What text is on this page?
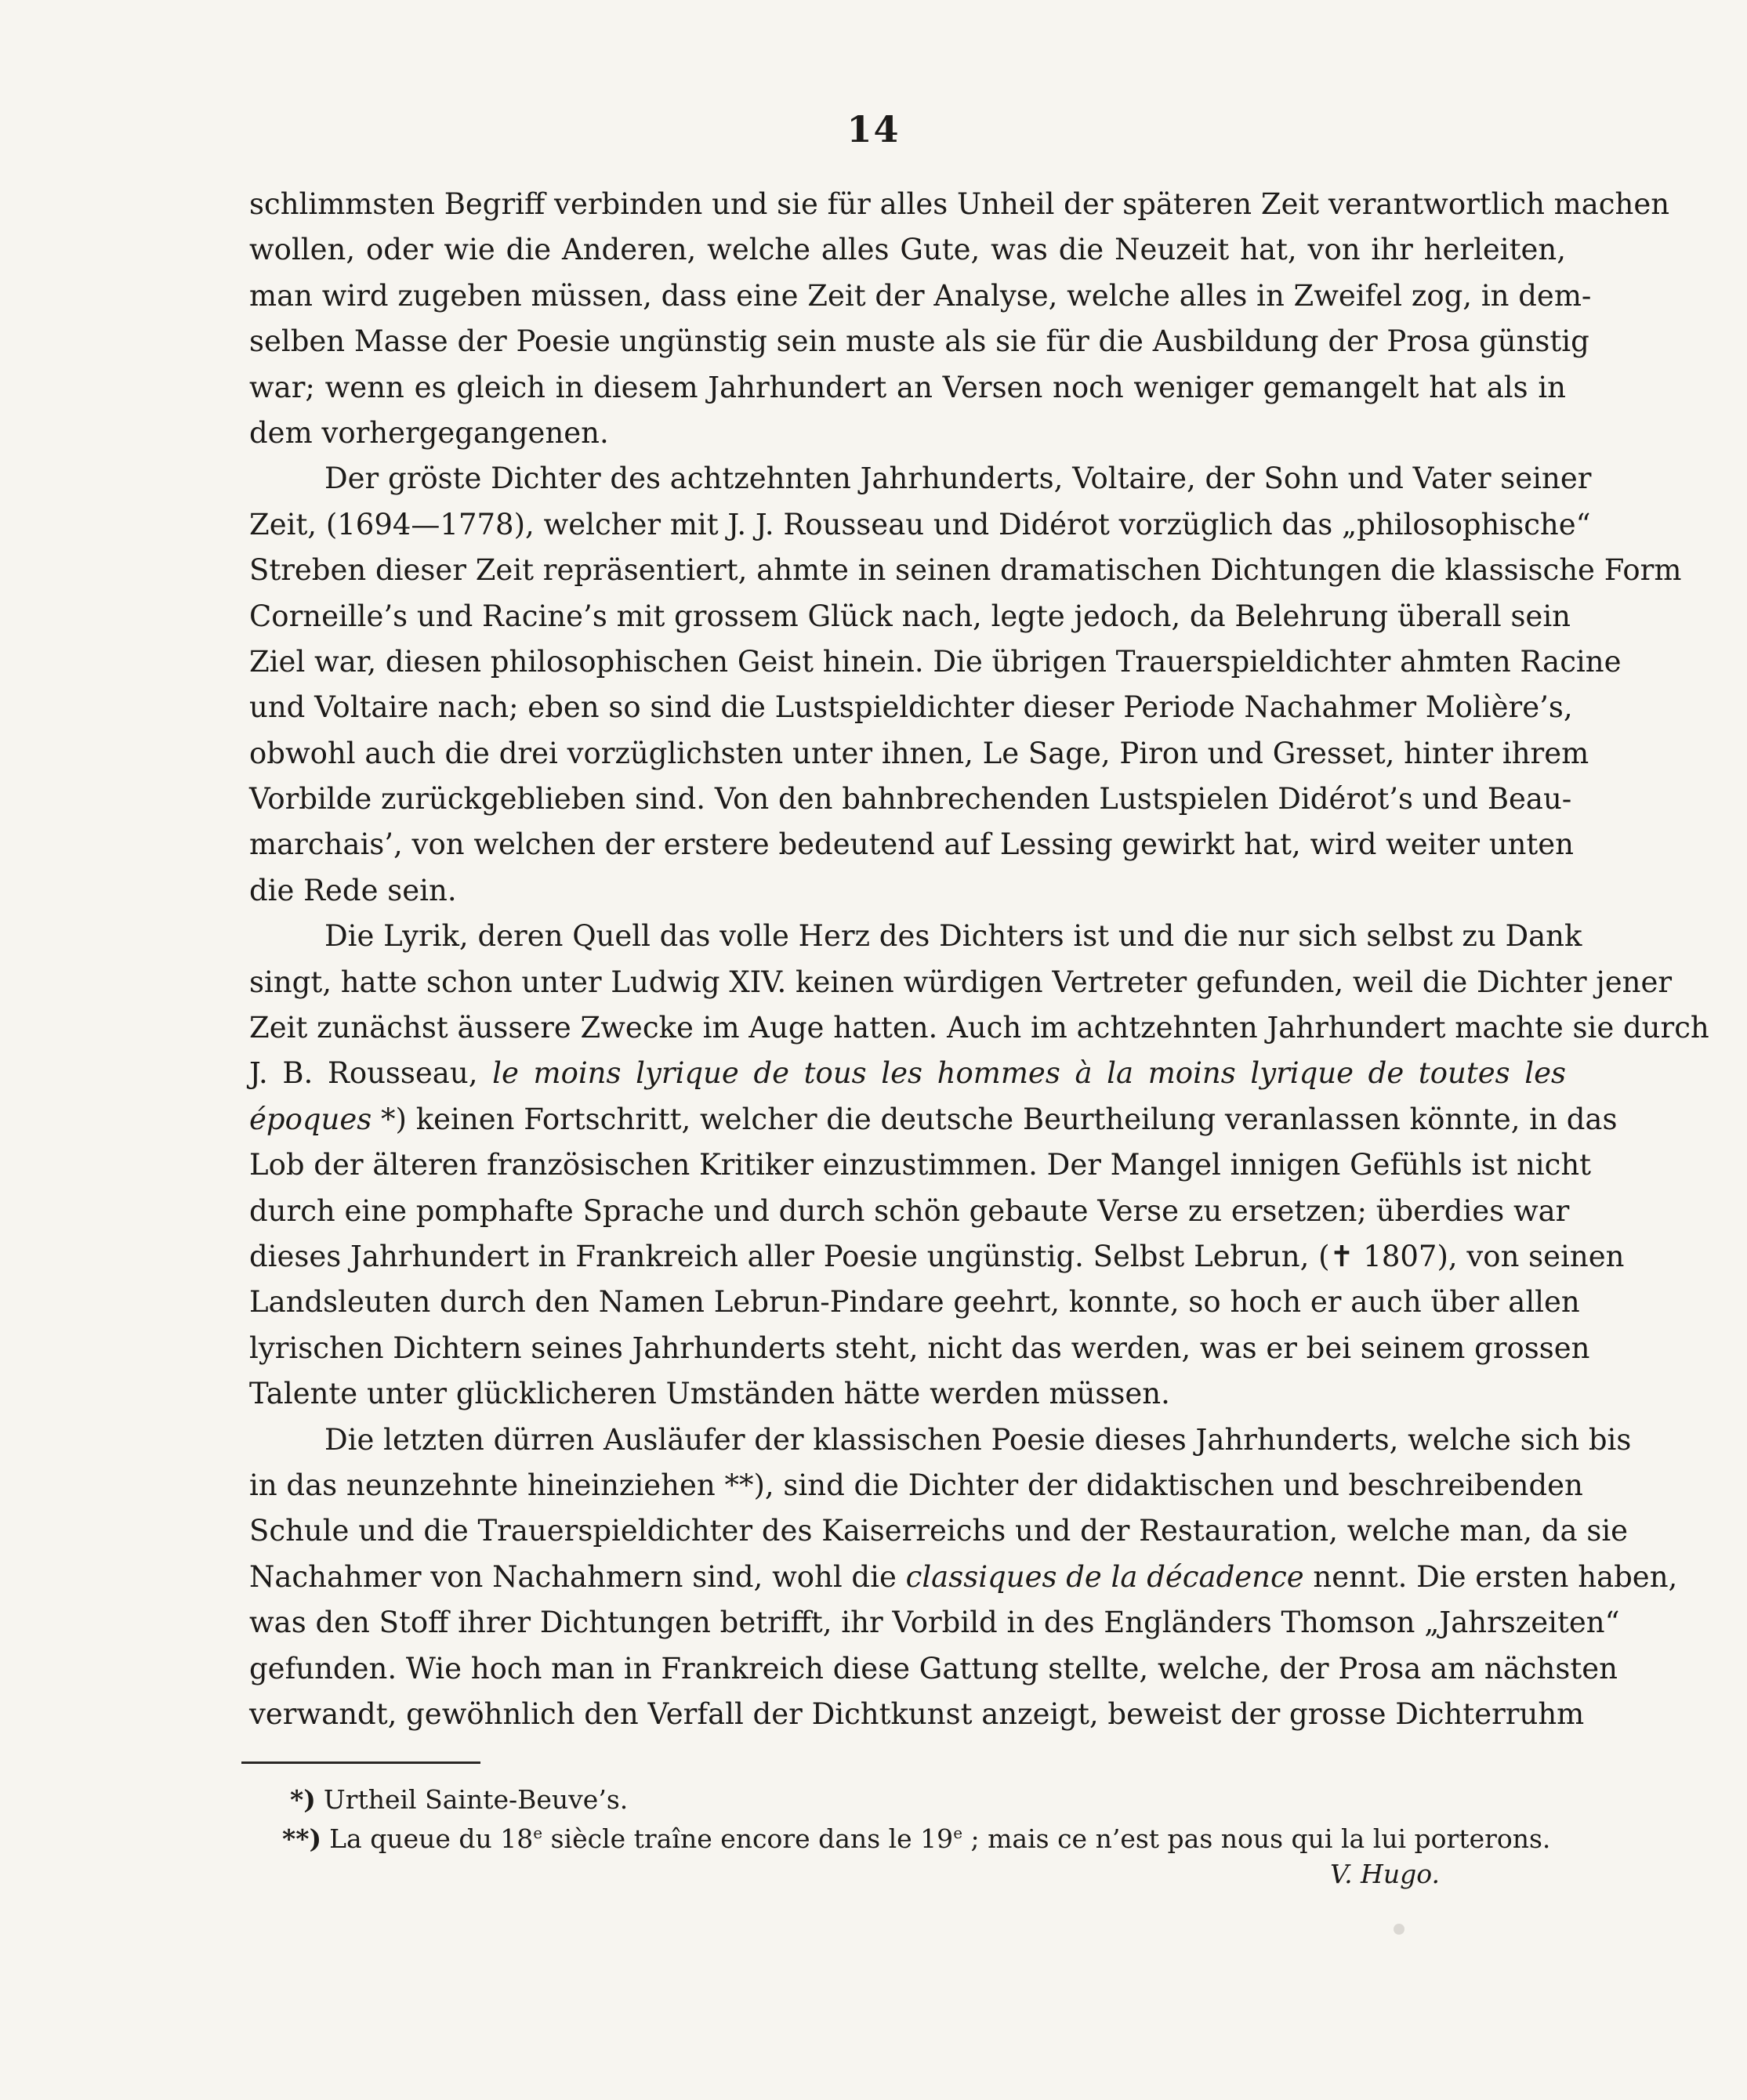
14
schlimmsten Begriff verbinden und sie für alles Unheil der späteren Zeit verantwortlich machen
wollen, oder wie die Anderen, welche alles Gute, was die Neuzeit hat, von ihr herleiten,
man wird zugeben müssen, dass eine Zeit der Analyse, welche alles in Zweifel zog, in dem-
selben Masse der Poesie ungünstig sein muste als sie für die Ausbildung der Prosa günstig
war; wenn es gleich in diesem Jahrhundert an Versen noch weniger gemangelt hat als in
dem vorhergegangenen.
Der gröste Dichter des achtzehnten Jahrhunderts, Voltaire, der Sohn und Vater seiner
Zeit, (1694—1778), welcher mit J. J. Rousseau und Didérot vorzüglich das „philosophische“
Streben dieser Zeit repräsentiert, ahmte in seinen dramatischen Dichtungen die klassische Form
Corneille’s und Racine’s mit grossem Glück nach, legte jedoch, da Belehrung überall sein
Ziel war, diesen philosophischen Geist hinein. Die übrigen Trauerspieldichter ahmten Racine
und Voltaire nach; eben so sind die Lustspieldichter dieser Periode Nachahmer Molière’s,
obwohl auch die drei vorzüglichsten unter ihnen, Le Sage, Piron und Gresset, hinter ihrem
Vorbilde zurückgeblieben sind. Von den bahnbrechenden Lustspielen Didérot’s und Beau-
marchais’, von welchen der erstere bedeutend auf Lessing gewirkt hat, wird weiter unten
die Rede sein.
Die Lyrik, deren Quell das volle Herz des Dichters ist und die nur sich selbst zu Dank
singt, hatte schon unter Ludwig XIV. keinen würdigen Vertreter gefunden, weil die Dichter jener
Zeit zunächst äussere Zwecke im Auge hatten. Auch im achtzehnten Jahrhundert machte sie durch
J. B. Rousseau, le moins lyrique de tous les hommes à la moins lyrique de toutes les
époques *) keinen Fortschritt, welcher die deutsche Beurtheilung veranlassen könnte, in das
Lob der älteren französischen Kritiker einzustimmen. Der Mangel innigen Gefühls ist nicht
durch eine pomphafte Sprache und durch schön gebaute Verse zu ersetzen; überdies war
dieses Jahrhundert in Frankreich aller Poesie ungünstig. Selbst Lebrun, (✝ 1807), von seinen
Landsleuten durch den Namen Lebrun-Pindare geehrt, konnte, so hoch er auch über allen
lyrischen Dichtern seines Jahrhunderts steht, nicht das werden, was er bei seinem grossen
Talente unter glücklicheren Umständen hätte werden müssen.
Die letzten dürren Ausläufer der klassischen Poesie dieses Jahrhunderts, welche sich bis
in das neunzehnte hineinziehen **), sind die Dichter der didaktischen und beschreibenden
Schule und die Trauerspieldichter des Kaiserreichs und der Restauration, welche man, da sie
Nachahmer von Nachahmern sind, wohl die classiques de la décadence nennt. Die ersten haben,
was den Stoff ihrer Dichtungen betrifft, ihr Vorbild in des Engländers Thomson „Jahrszeiten“
gefunden. Wie hoch man in Frankreich diese Gattung stellte, welche, der Prosa am nächsten
verwandt, gewöhnlich den Verfall der Dichtkunst anzeigt, beweist der grosse Dichterruhm
*) Urtheil Sainte-Beuve’s.
**) La queue du 18e siècle traîne encore dans le 19e ; mais ce n’est pas nous qui la lui porterons.
V. Hugo.
